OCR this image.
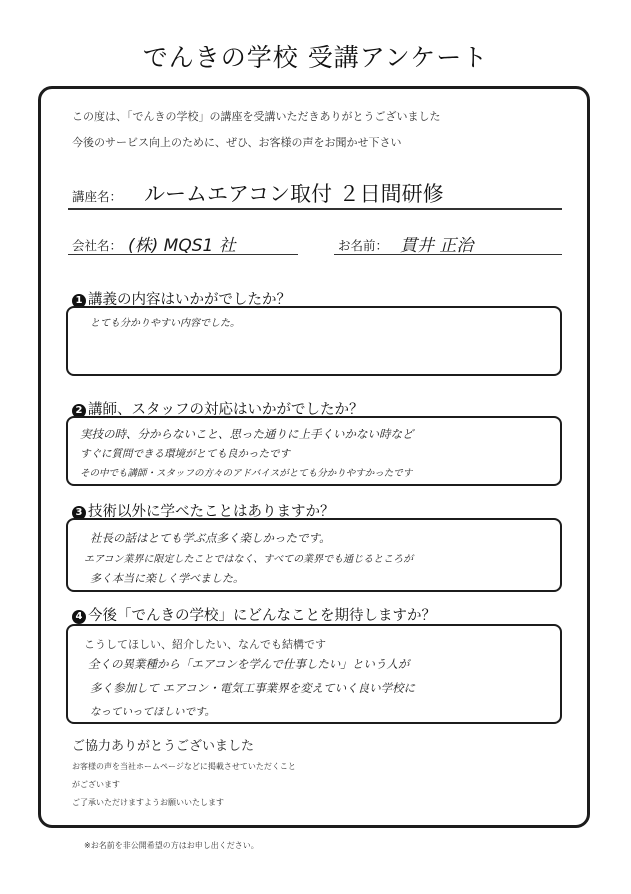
でんきの学校 受講アンケート
この度は、「でんきの学校」の講座を受講いただきありがとうございました
今後のサービス向上のために、ぜひ、お客様の声をお聞かせ下さい
講座名： ルームエアコン取付 ２日間研修
会社名： (株) MQS1 社	お名前： 貫井 正治
1 講義の内容はいかがでしたか？
とても分かりやすい内容でした。
2 講師、スタッフの対応はいかがでしたか？
実技の時、分からないこと、思った通りに上手くいかない時など
すぐに質問できる環境がとても良かったです
その中でも講師・スタッフの方々のアドバイスがとても分かりやすかったです
3 技術以外に学べたことはありますか？
社長の話はとても学ぶ点多く楽しかったです。
エアコン業界に限定したことではなく、すべての業界でも通じるところが
多く本当に楽しく学べました。
4 今後「でんきの学校」にどんなことを期待しますか？
こうしてほしい、紹介したい、なんでも結構です
全くの異業種から「エアコンを学んで仕事したい」という人が
多く参加して エアコン・電気工事業界を変えていく良い学校に
なっていってほしいです。
ご協力ありがとうございました
お客様の声を当社ホームページなどに掲載させていただくこと
がございます
ご了承いただけますようお願いいたします
※お名前を非公開希望の方はお申し出ください。
